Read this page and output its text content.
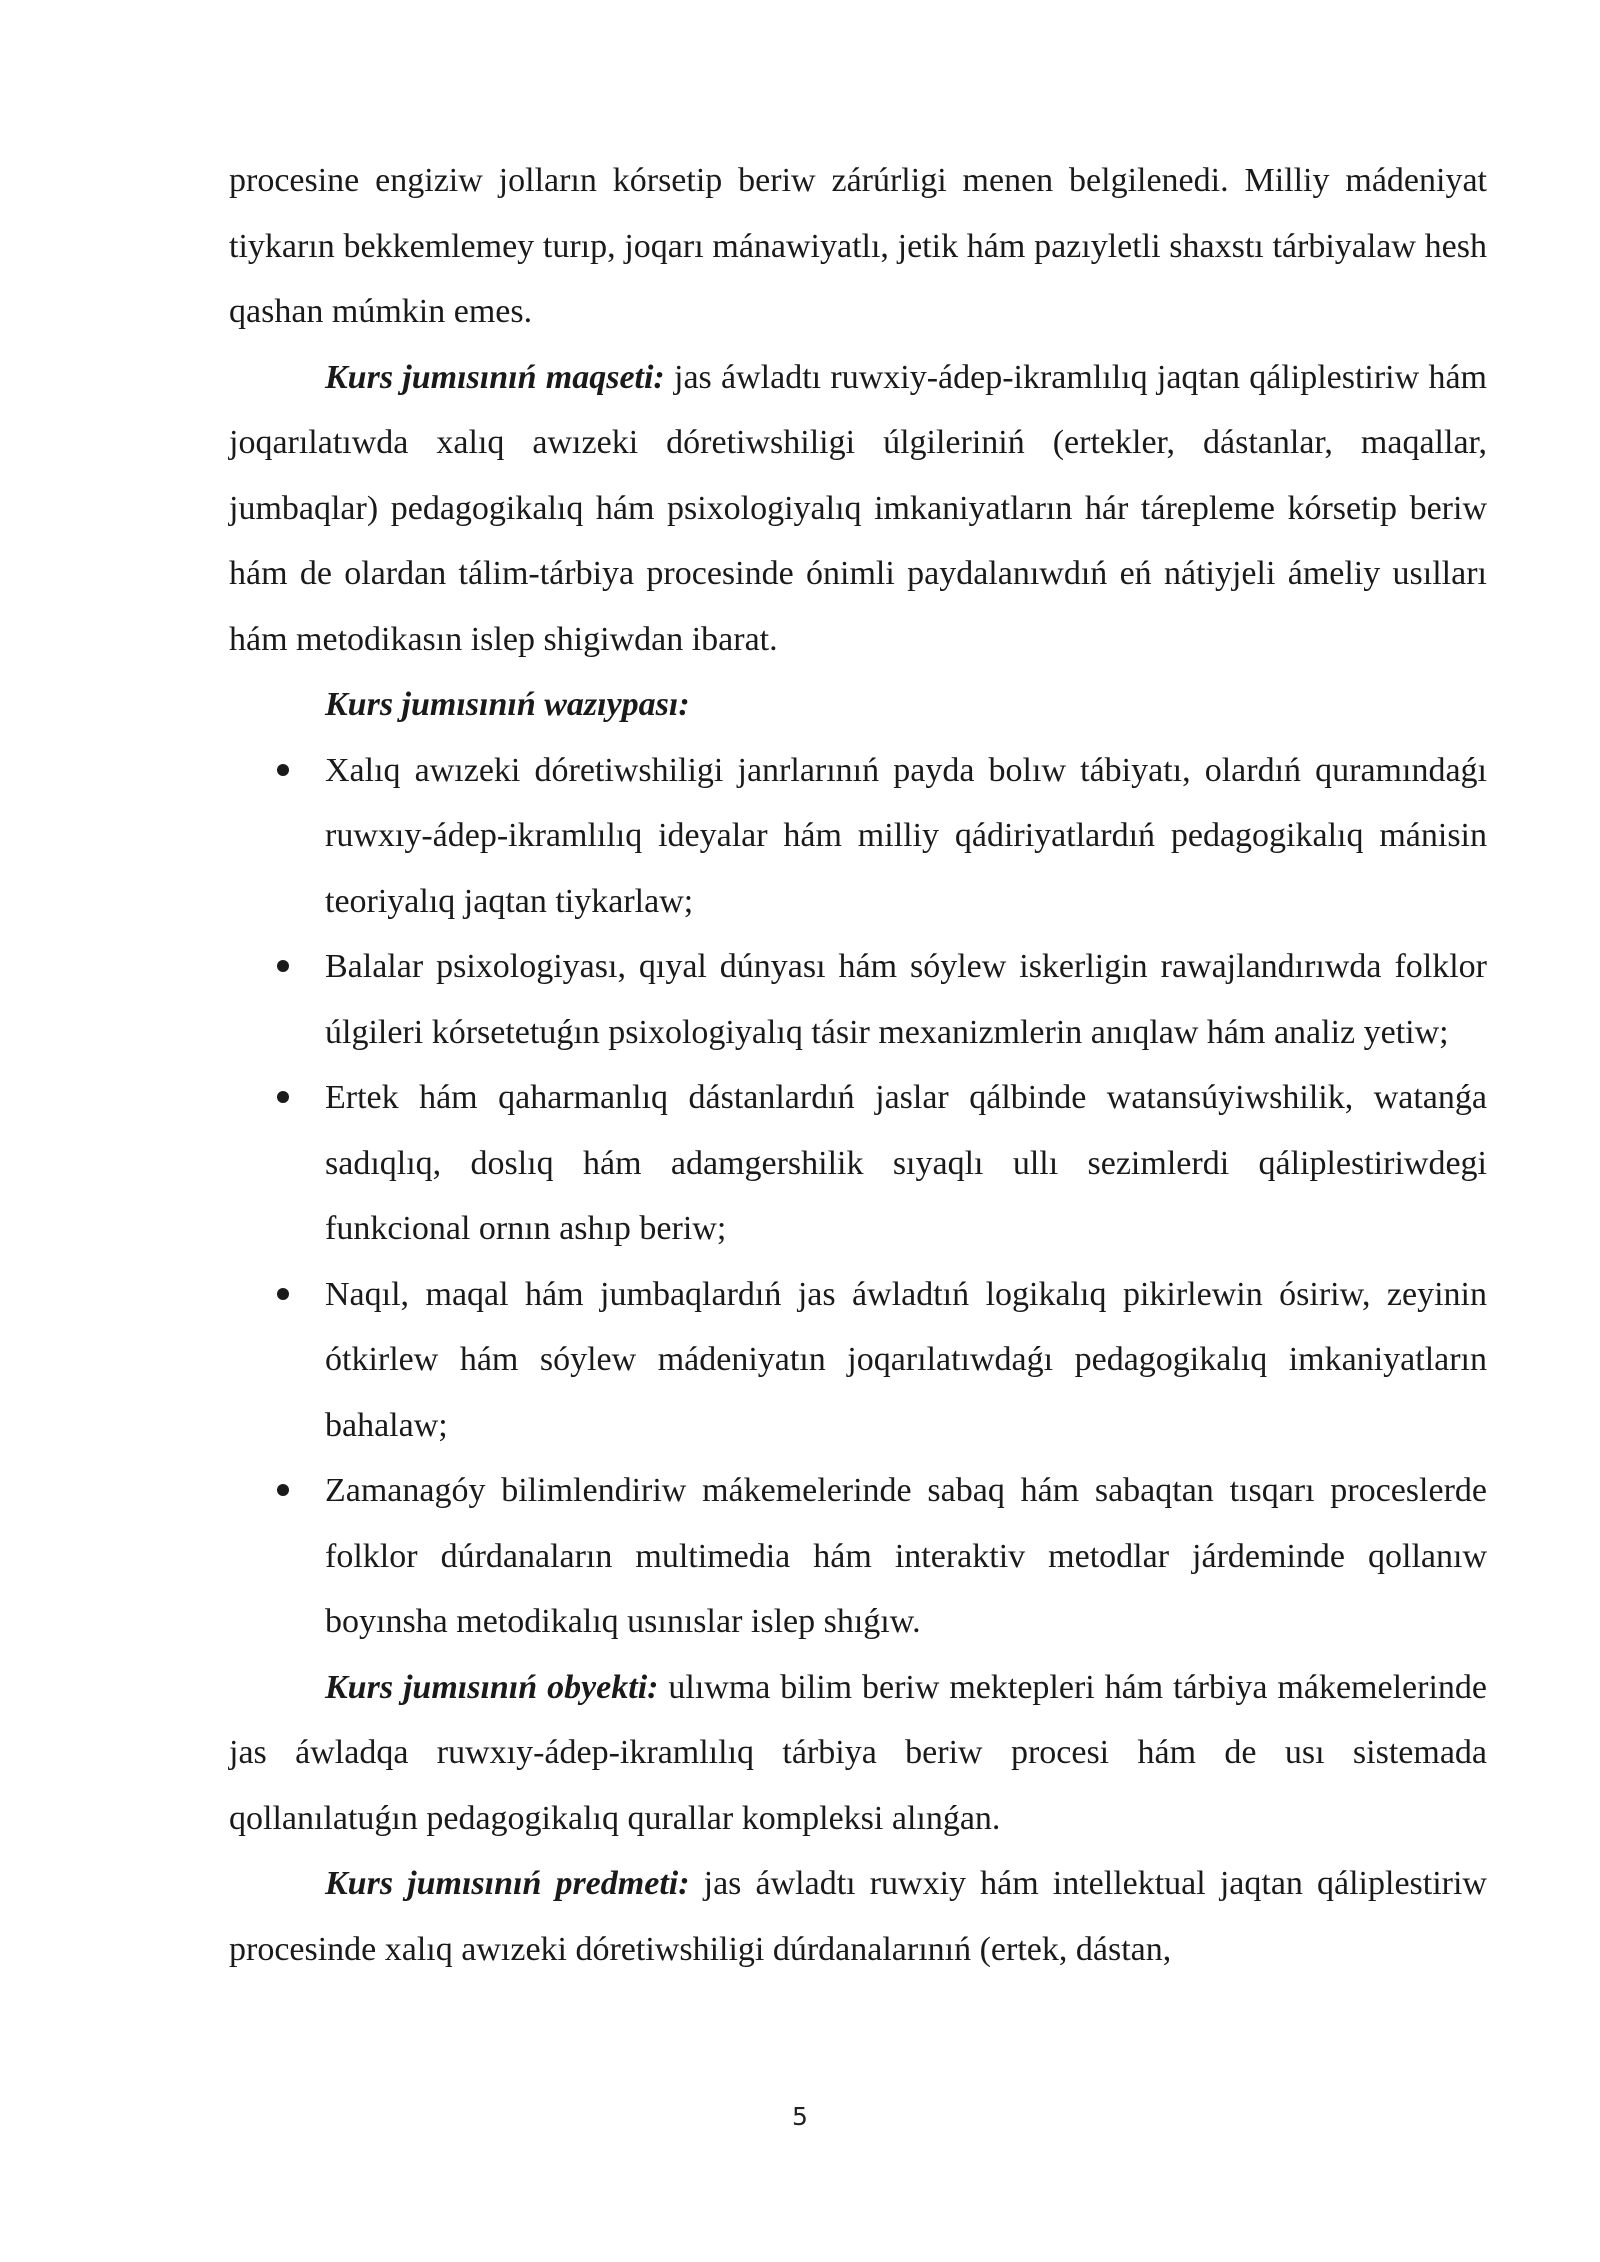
procesine engiziw jolların kórsetip beriw zárúrligi menen belgilenedi. Milliy mádeniyat tiykarın bekkemlemey turıp, joqarı mánawiyatlı, jetik hám pazıyletli shaxstı tárbiyalaw hesh qashan múmkin emes.

Kurs jumısınıń maqseti: jas áwladtı ruwxiy-ádep-ikramlılıq jaqtan qáliplestiriw hám joqarılatıwda xalıq awızeki dóretiwshiligi úlgileriniń (ertekler, dástanlar, maqallar, jumbaqlar) pedagogikalıq hám psixologiyalıq imkaniyatların hár tárepleme kórsetip beriw hám de olardan tálim-tárbiya procesinde ónimli paydalanıwdıń eń nátiyjeli ámeliy usılları hám metodikasın islep shigiwdan ibarat.

Kurs jumısınıń wazıypası:

Xalıq awızeki dóretiwshiligi janrlarınıń payda bolıw tábiyatı, olardıń quramındaǵı ruwxıy-ádep-ikramlılıq ideyalar hám milliy qádiriyatlardıń pedagogikalıq mánisin teoriyalıq jaqtan tiykarlaw;
Balalar psixologiyası, qıyal dúnyası hám sóylew iskerligin rawajlandırıwda folklor úlgileri kórsetetuǵın psixologiyalıq tásir mexanizmlerin anıqlaw hám analiz yetiw;
Ertek hám qaharmanlıq dástanlardıń jaslar qálbinde watansúyiwshilik, watanǵa sadıqlıq, doslıq hám adamgershilik sıyaqlı ullı sezimlerdi qáliplestiriwdegi funkcional ornın ashıp beriw;
Naqıl, maqal hám jumbaqlardıń jas áwladtıń logikalıq pikirlewin ósiriw, zeyinin ótkirlew hám sóylew mádeniyatın joqarılatıwdaǵı pedagogikalıq imkaniyatların bahalaw;
Zamanagóy bilimlendiriw mákemelerinde sabaq hám sabaqtan tısqarı proceslerde folklor dúrdanaların multimedia hám interaktiv metodlar járdeminde qollanıw boyınsha metodikalıq usınıslar islep shıǵıw.

Kurs jumısınıń obyekti: ulıwma bilim beriw mektepleri hám tárbiya mákemelerinde jas áwladqa ruwxıy-ádep-ikramlılıq tárbiya beriw procesi hám de usı sistemada qollanılatuǵın pedagogikalıq qurallar kompleksi alınǵan.

Kurs jumısınıń predmeti: jas áwladtı ruwxiy hám intellektual jaqtan qáliplestiriw procesinde xalıq awızeki dóretiwshiligi dúrdanalarınıń (ertek, dástan,

5
